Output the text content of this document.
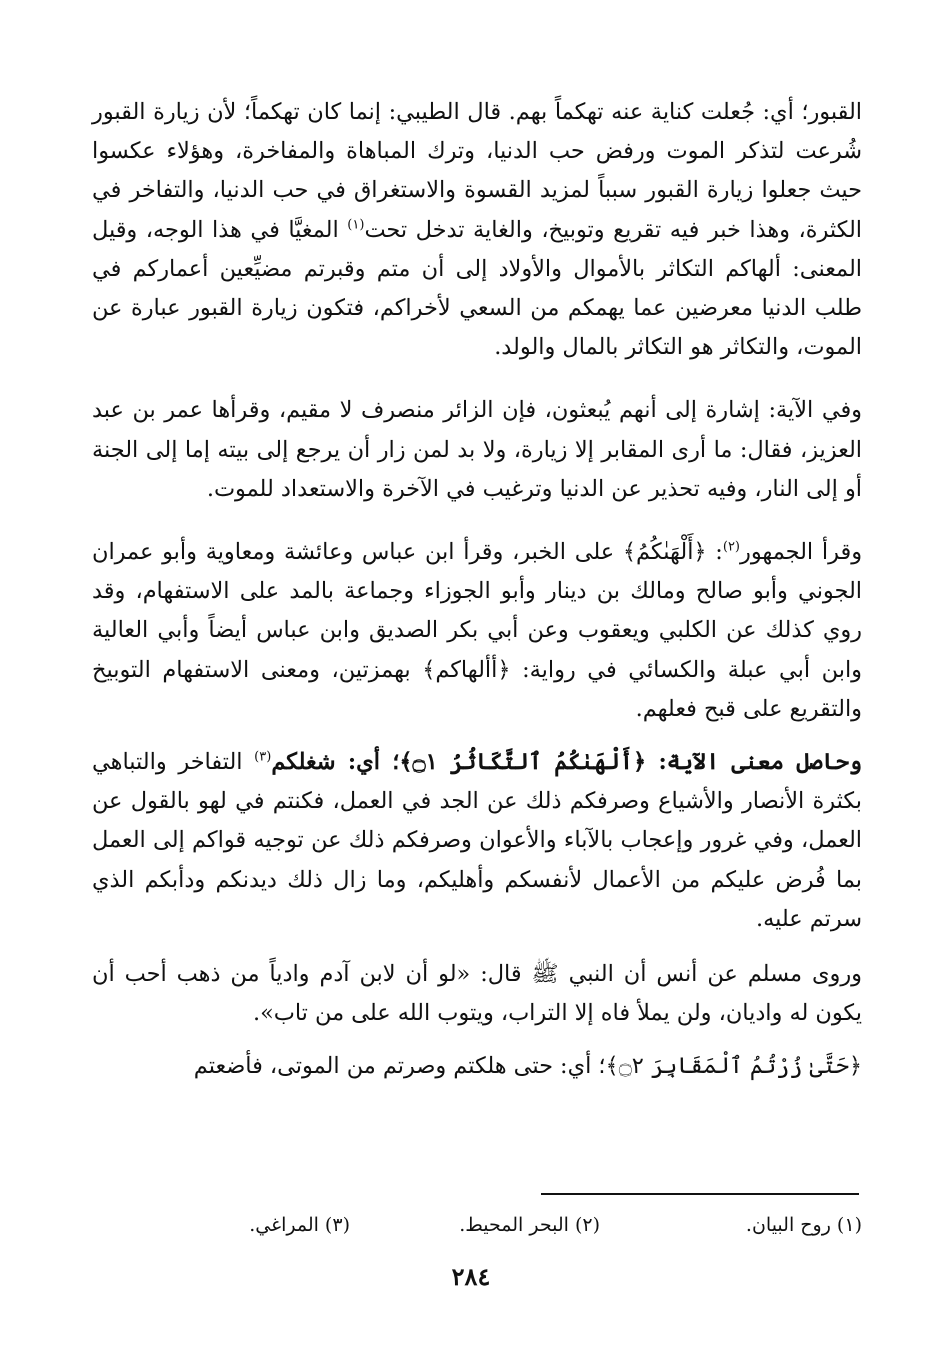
القبور؛ أي: جُعلت كناية عنه تهكماً بهم. قال الطيبي: إنما كان تهكماً؛ لأن زيارة القبور شُرعت لتذكر الموت ورفض حب الدنيا، وترك المباهاة والمفاخرة، وهؤلاء عكسوا حيث جعلوا زيارة القبور سبباً لمزيد القسوة والاستغراق في حب الدنيا، والتفاخر في الكثرة، وهذا خبر فيه تقريع وتوبيخ، والغاية تدخل تحت$^{(١)}$ المغيَّا في هذا الوجه، وقيل المعنى: ألهاكم التكاثر بالأموال والأولاد إلى أن متم وقبرتم مضيِّعين أعماركم في طلب الدنيا معرضين عما يهمكم من السعي لأخراكم، فتكون زيارة القبور عبارة عن الموت، والتكاثر هو التكاثر بالمال والولد.

وفي الآية: إشارة إلى أنهم يُبعثون، فإن الزائر منصرف لا مقيم، وقرأها عمر بن عبد العزيز، فقال: ما أرى المقابر إلا زيارة، ولا بد لمن زار أن يرجع إلى بيته إما إلى الجنة أو إلى النار، وفيه تحذير عن الدنيا وترغيب في الآخرة والاستعداد للموت.

وقرأ الجمهور$^{(٢)}$: ﴿أَلْهَىٰكُمُ﴾ على الخبر، وقرأ ابن عباس وعائشة ومعاوية وأبو عمران الجوني وأبو صالح ومالك بن دينار وأبو الجوزاء وجماعة بالمد على الاستفهام، وقد روي كذلك عن الكلبي ويعقوب وعن أبي بكر الصديق وابن عباس أيضاً وأبي العالية وابن أبي عبلة والكسائي في رواية: ﴿أألهاكم﴾ بهمزتين، ومعنى الاستفهام التوبيخ والتقريع على قبح فعلهم.

وحاصل معنى الآية: ﴿أَلْهَىٰكُمُ ٱلتَّكَاثُرُ ۝١﴾؛ أي: شغلكم$^{(٣)}$ التفاخر والتباهي بكثرة الأنصار والأشياع وصرفكم ذلك عن الجد في العمل، فكنتم في لهو بالقول عن العمل، وفي غرور وإعجاب بالآباء والأعوان وصرفكم ذلك عن توجيه قواكم إلى العمل بما فُرض عليكم من الأعمال لأنفسكم وأهليكم، وما زال ذلك ديدنكم ودأبكم الذي سرتم عليه.

وروى مسلم عن أنس أن النبي ﷺ قال: «لو أن لابن آدم وادياً من ذهب أحب أن يكون له واديان، ولن يملأ فاه إلا التراب، ويتوب الله على من تاب».

﴿حَتَّىٰ زُرْتُمُ ٱلْمَقَابِرَ ۝٢﴾؛ أي: حتى هلكتم وصرتم من الموتى، فأضعتم

(١) روح البيان.
(٢) البحر المحيط.
(٣) المراغي.
٢٨٤
